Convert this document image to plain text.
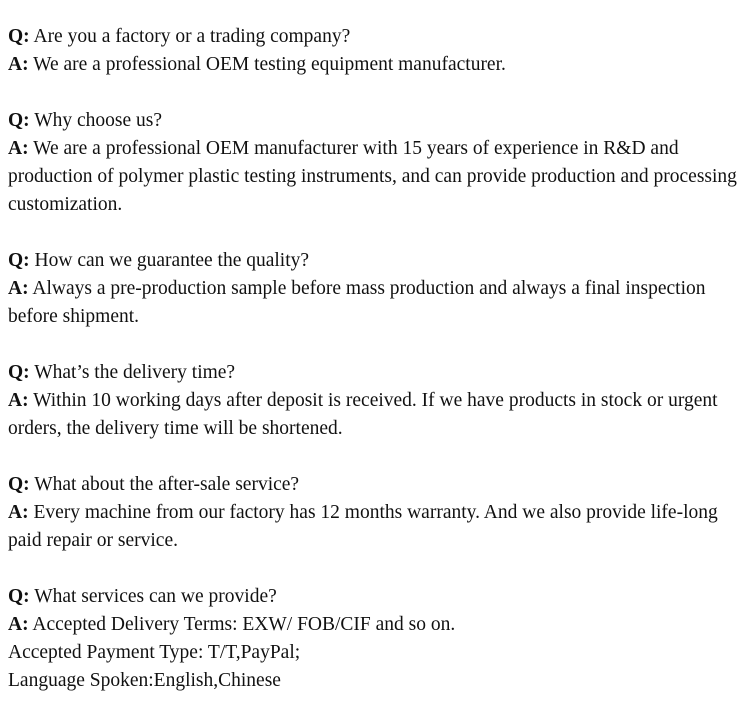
Q: Are you a factory or a trading company?

A: We are a professional OEM testing equipment manufacturer.

Q: Why choose us?

A: We are a professional OEM manufacturer with 15 years of experience in R&D and production of polymer plastic testing instruments, and can provide production and processing customization.

Q: How can we guarantee the quality?

A: Always a pre-production sample before mass production and always a final inspection before shipment.

Q: What’s the delivery time?

A: Within 10 working days after deposit is received. If we have products in stock or urgent orders, the delivery time will be shortened.

Q: What about the after-sale service?

A: Every machine from our factory has 12 months warranty. And we also provide life-long paid repair or service.

Q: What services can we provide?

A: Accepted Delivery Terms: EXW/ FOB/CIF and so on.

Accepted Payment Type: T/T,PayPal;

Language Spoken:English,Chinese
